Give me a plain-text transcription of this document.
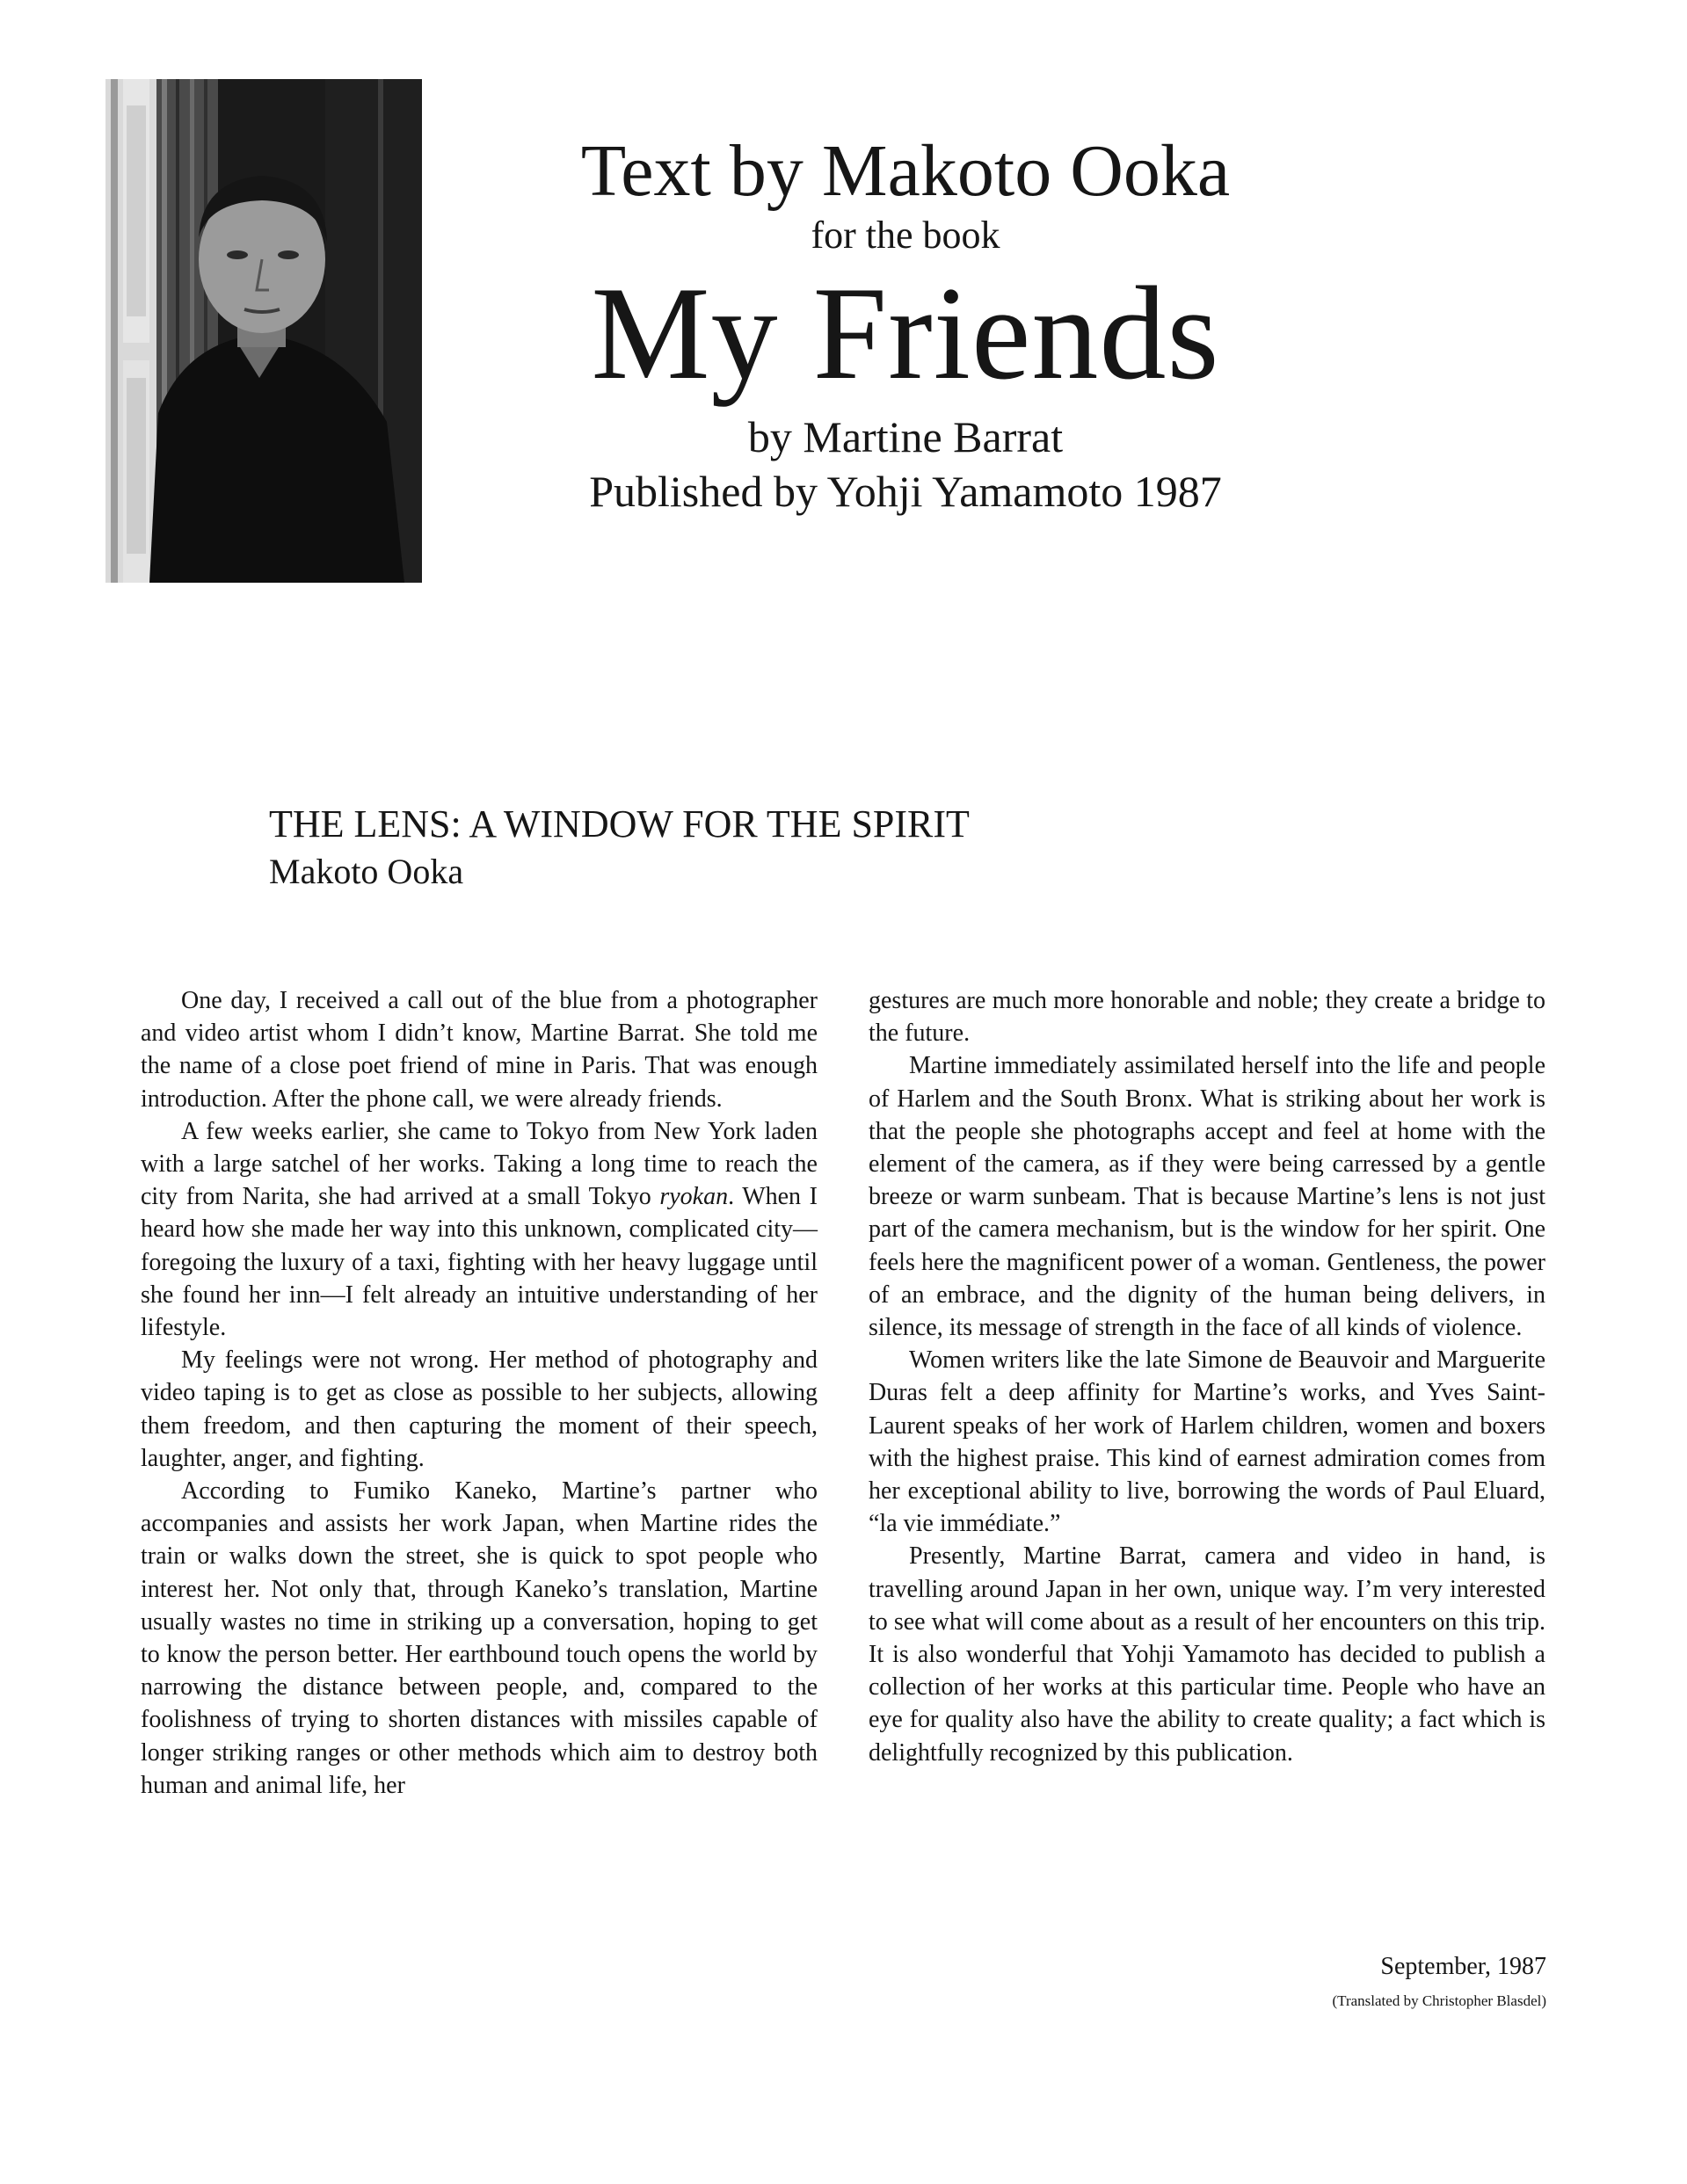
Text by Makoto Ooka
for the book
My Friends
by Martine Barrat
Published by Yohji Yamamoto 1987
THE LENS: A WINDOW FOR THE SPIRIT
Makoto Ooka

One day, I received a call out of the blue from a photographer and video artist whom I didn’t know, Martine Barrat. She told me the name of a close poet friend of mine in Paris. That was enough introduction. After the phone call, we were already friends.

A few weeks earlier, she came to Tokyo from New York laden with a large satchel of her works. Taking a long time to reach the city from Narita, she had arrived at a small Tokyo ryokan. When I heard how she made her way into this unknown, complicated city—foregoing the luxury of a taxi, fighting with her heavy luggage until she found her inn—I felt already an intuitive understanding of her lifestyle.

My feelings were not wrong. Her method of photography and video taping is to get as close as possible to her subjects, allowing them freedom, and then capturing the moment of their speech, laughter, anger, and fighting.

According to Fumiko Kaneko, Martine’s partner who accompanies and assists her work Japan, when Martine rides the train or walks down the street, she is quick to spot people who interest her. Not only that, through Kaneko’s translation, Martine usually wastes no time in striking up a conversation, hoping to get to know the person better. Her earthbound touch opens the world by narrowing the distance between people, and, compared to the foolishness of trying to shorten distances with missiles capable of longer striking ranges or other methods which aim to destroy both human and animal life, her

gestures are much more honorable and noble; they create a bridge to the future.

Martine immediately assimilated herself into the life and people of Harlem and the South Bronx. What is striking about her work is that the people she photographs accept and feel at home with the element of the camera, as if they were being carressed by a gentle breeze or warm sunbeam. That is because Martine’s lens is not just part of the camera mechanism, but is the window for her spirit. One feels here the magnificent power of a woman. Gentleness, the power of an embrace, and the dignity of the human being delivers, in silence, its message of strength in the face of all kinds of violence.

Women writers like the late Simone de Beauvoir and Marguerite Duras felt a deep affinity for Martine’s works, and Yves Saint-Laurent speaks of her work of Harlem children, women and boxers with the highest praise. This kind of earnest admiration comes from her exceptional ability to live, borrowing the words of Paul Eluard, “la vie immédiate.”

Presently, Martine Barrat, camera and video in hand, is travelling around Japan in her own, unique way. I’m very interested to see what will come about as a result of her encounters on this trip. It is also wonderful that Yohji Yamamoto has decided to publish a collection of her works at this particular time. People who have an eye for quality also have the ability to create quality; a fact which is delightfully recognized by this publication.

September, 1987
(Translated by Christopher Blasdel)
